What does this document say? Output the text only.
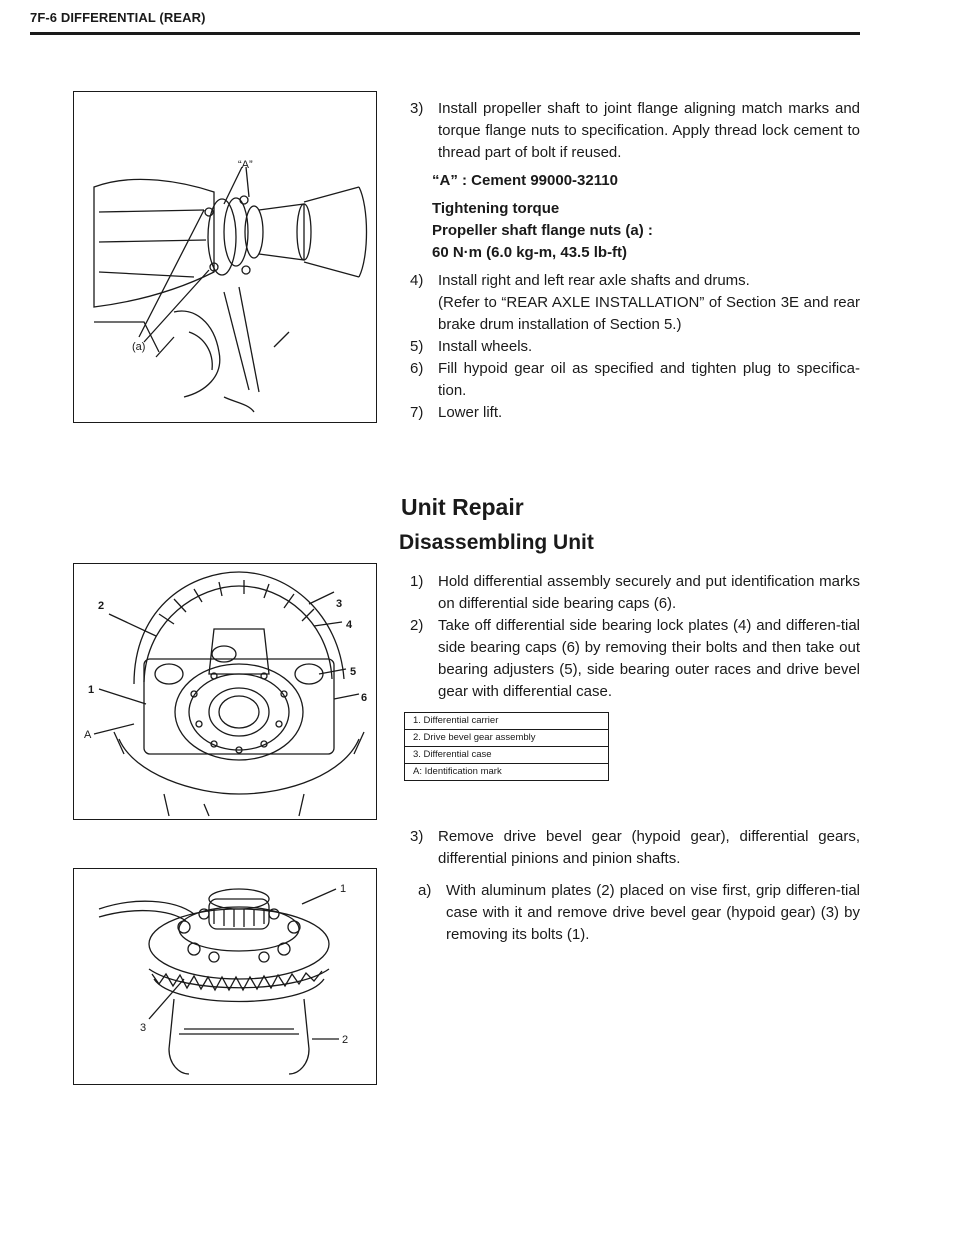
7F-6 DIFFERENTIAL (REAR)
“A”
(a)
3) Install propeller shaft to joint flange aligning match marks and torque flange nuts to specification. Apply thread lock cement to thread part of bolt if reused.
“A” : Cement 99000-32110
Tightening torque
Propeller shaft flange nuts (a) :
60 N·m (6.0 kg-m, 43.5 lb-ft)
4) Install right and left rear axle shafts and drums.
(Refer to “REAR AXLE INSTALLATION” of Section 3E and rear brake drum installation of Section 5.)
5) Install wheels.
6) Fill hypoid gear oil as specified and tighten plug to specifica-tion.
7) Lower lift.
Unit Repair
Disassembling Unit
2	3
4
5
6
1
A
1) Hold differential assembly securely and put identification marks on differential side bearing caps (6).
2) Take off differential side bearing lock plates (4) and differen-tial side bearing caps (6) by removing their bolts and then take out bearing adjusters (5), side bearing outer races and drive bevel gear with differential case.
1. Differential carrier
2. Drive bevel gear assembly
3. Differential case
A: Identification mark
3) Remove drive bevel gear (hypoid gear), differential gears, differential pinions and pinion shafts.
a) With aluminum plates (2) placed on vise first, grip differen-tial case with it and remove drive bevel gear (hypoid gear) (3) by removing its bolts (1).
1
2
3
